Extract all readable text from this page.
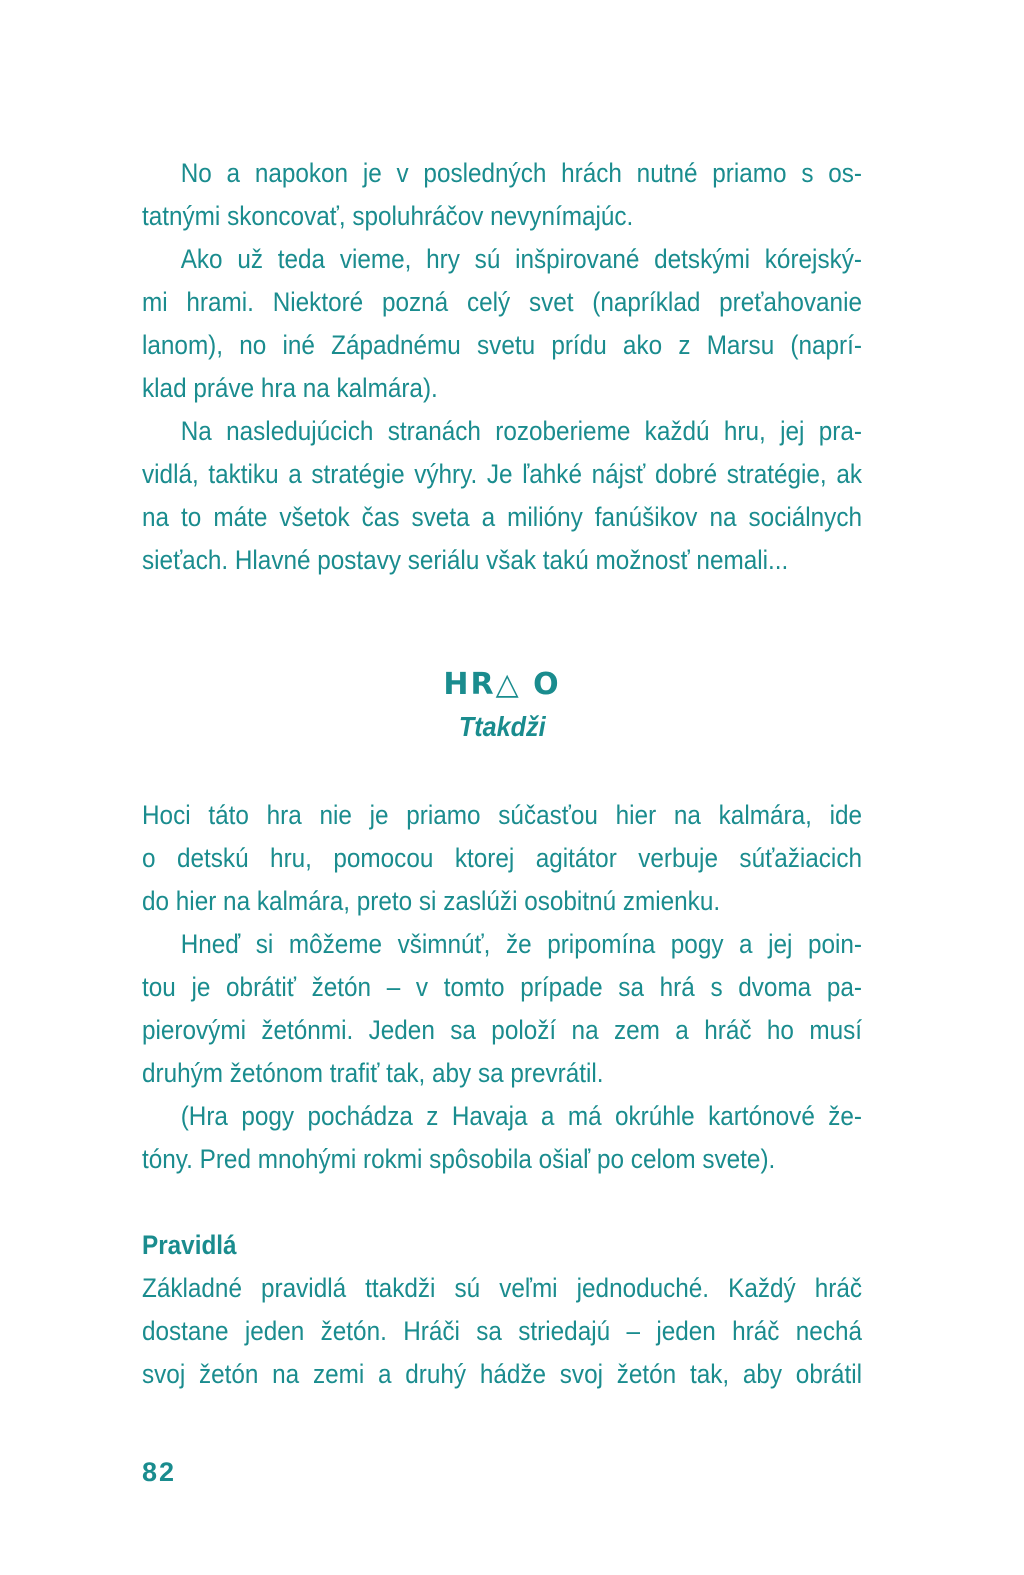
No a napokon je v posledných hrách nutné priamo s os-
tatnými skoncovať, spoluhráčov nevynímajúc.
Ako už teda vieme, hry sú inšpirované detskými kórejský-
mi hrami. Niektoré pozná celý svet (napríklad preťahovanie
lanom), no iné Západnému svetu prídu ako z Marsu (naprí-
klad práve hra na kalmára).
Na nasledujúcich stranách rozoberieme každú hru, jej pra-
vidlá, taktiku a stratégie výhry. Je ľahké nájsť dobré stratégie, ak
na to máte všetok čas sveta a milióny fanúšikov na sociálnych
sieťach. Hlavné postavy seriálu však takú možnosť nemali...
HR△ O
Ttakdži
Hoci táto hra nie je priamo súčasťou hier na kalmára, ide
o detskú hru, pomocou ktorej agitátor verbuje súťažiacich
do hier na kalmára, preto si zaslúži osobitnú zmienku.
Hneď si môžeme všimnúť, že pripomína pogy a jej poin-
tou je obrátiť žetón – v tomto prípade sa hrá s dvoma pa-
pierovými žetónmi. Jeden sa položí na zem a hráč ho musí
druhým žetónom trafiť tak, aby sa prevrátil.
(Hra pogy pochádza z Havaja a má okrúhle kartónové že-
tóny. Pred mnohými rokmi spôsobila ošiaľ po celom svete).
Pravidlá
Základné pravidlá ttakdži sú veľmi jednoduché. Každý hráč
dostane jeden žetón. Hráči sa striedajú – jeden hráč nechá
svoj žetón na zemi a druhý hádže svoj žetón tak, aby obrátil
82
